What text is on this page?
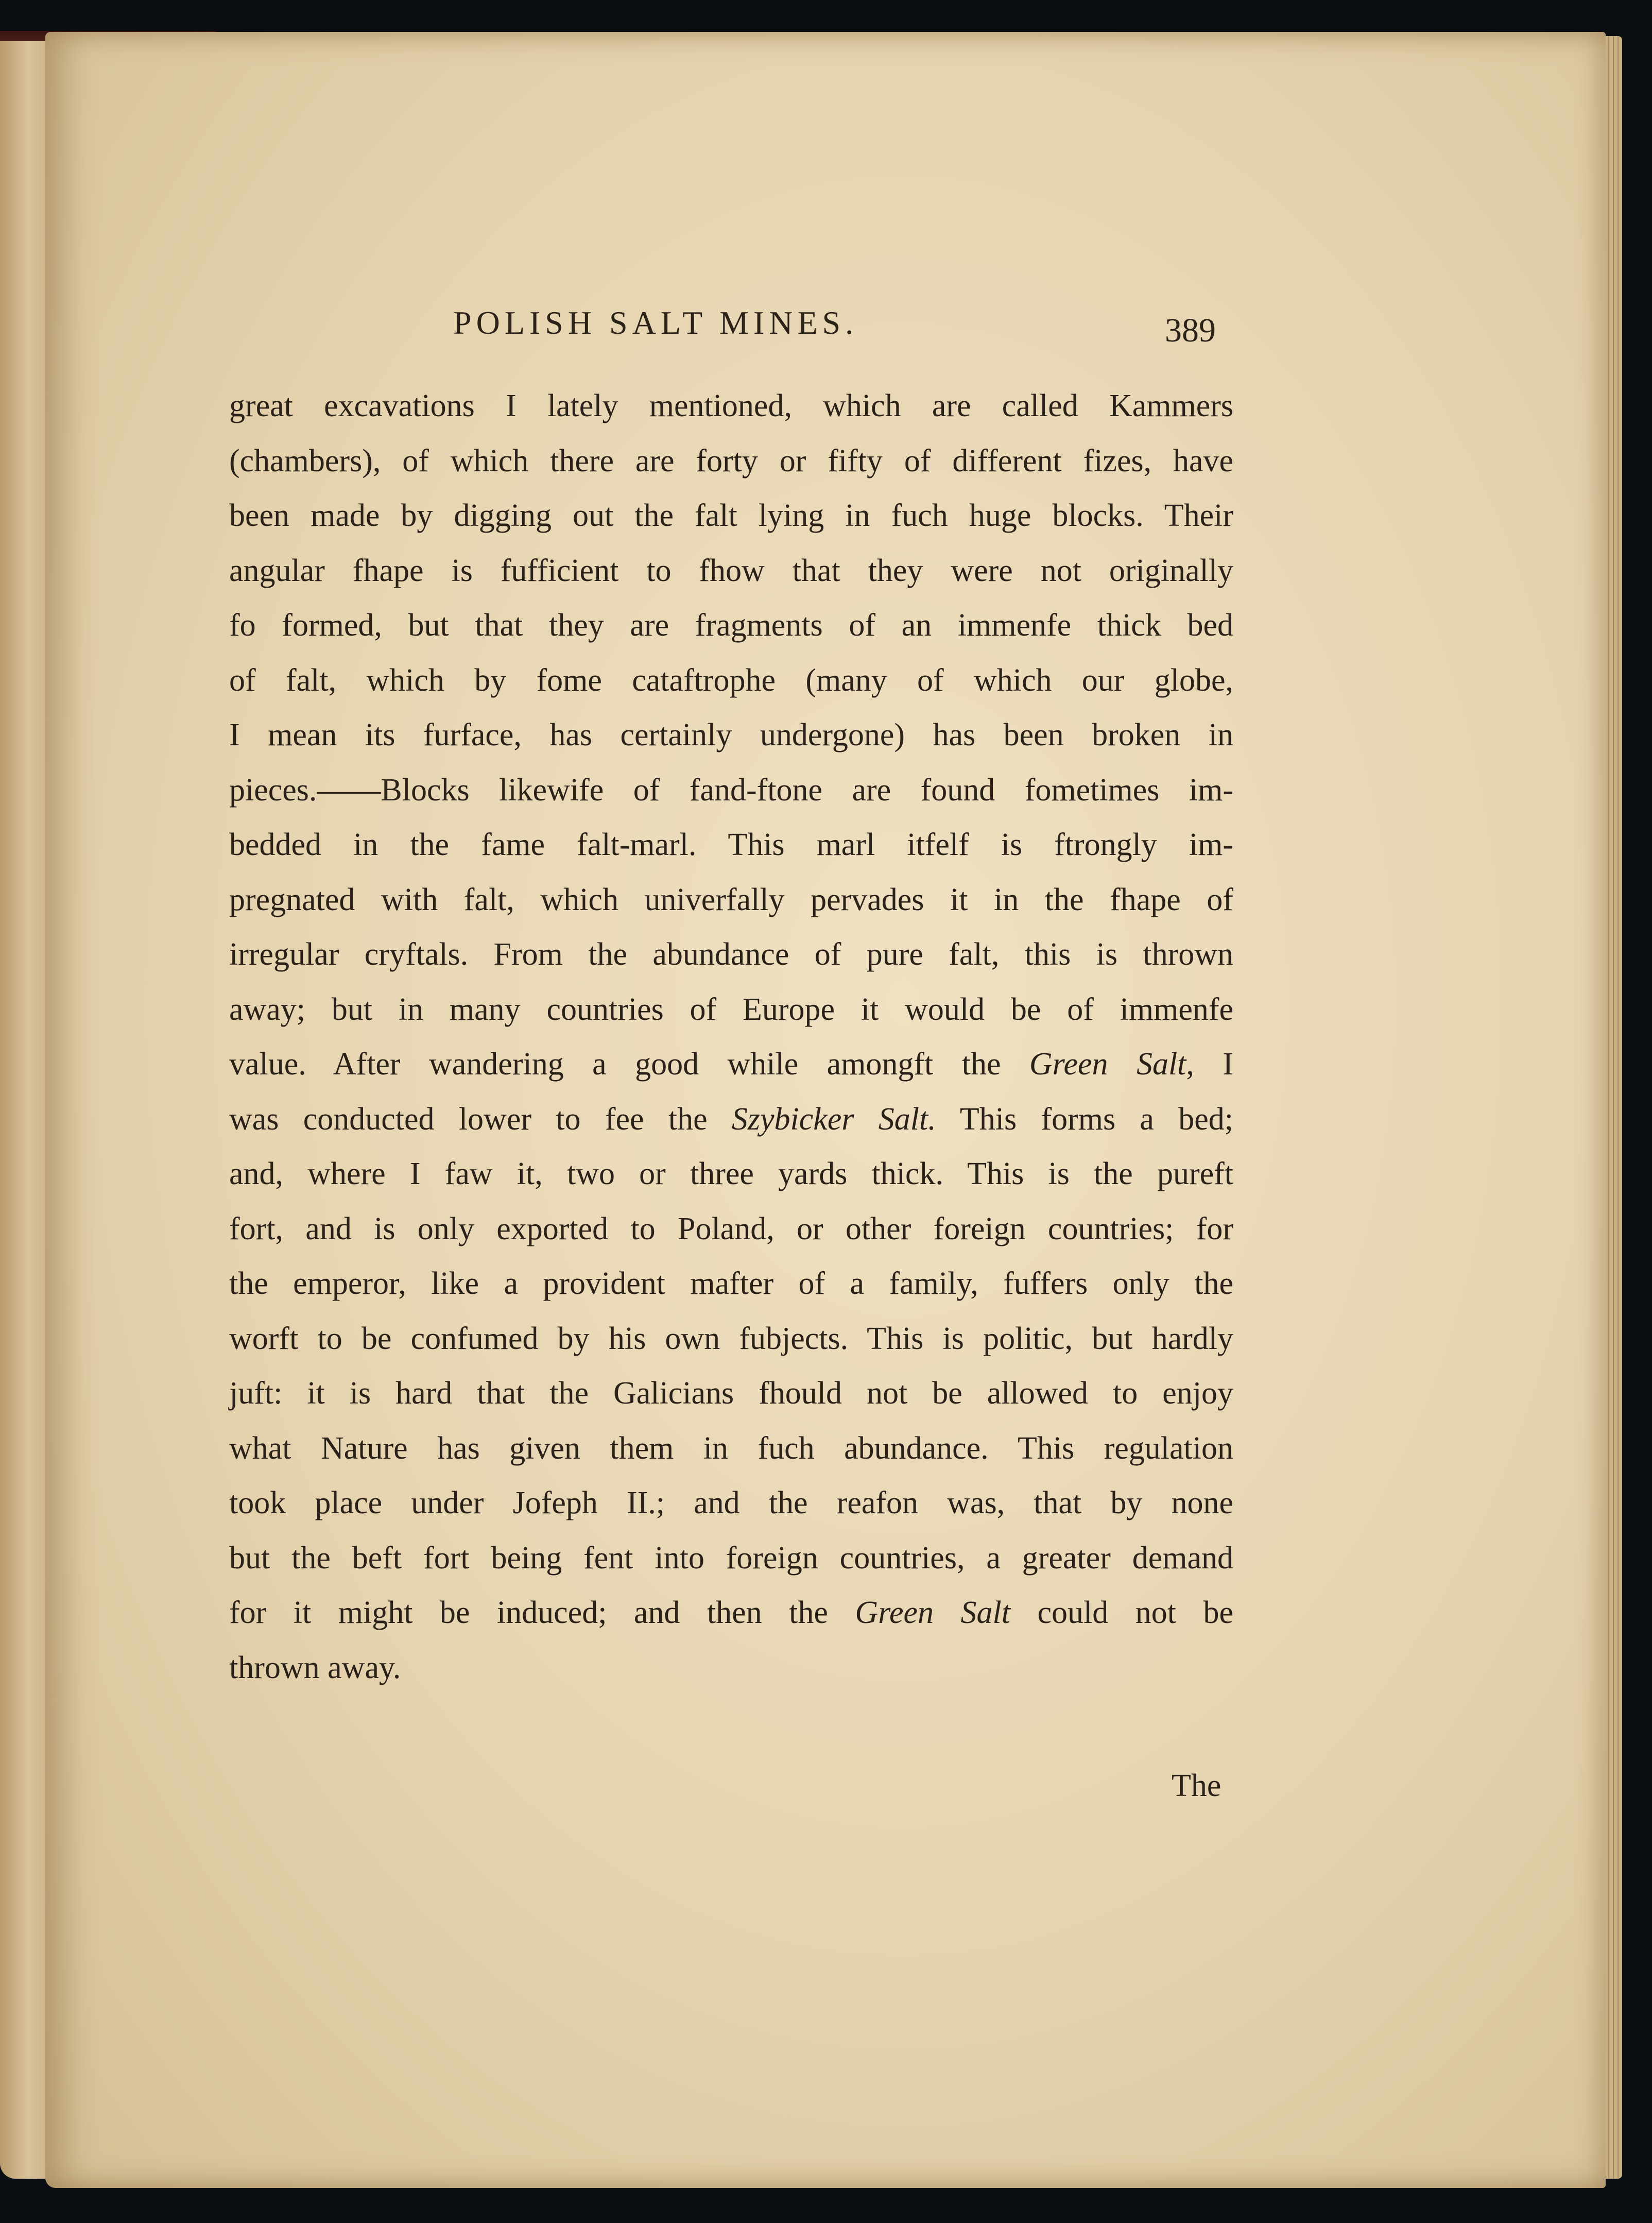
POLISH SALT MINES.	389
great excavations I lately mentioned, which are called Kammers
(chambers), of which there are forty or fifty of different fizes, have
been made by digging out the falt lying in fuch huge blocks. Their
angular fhape is fufficient to fhow that they were not originally
fo formed, but that they are fragments of an immenfe thick bed
of falt, which by fome cataftrophe (many of which our globe,
I mean its furface, has certainly undergone) has been broken in
pieces.——Blocks likewife of fand-ftone are found fometimes im-
bedded in the fame falt-marl. This marl itfelf is ftrongly im-
pregnated with falt, which univerfally pervades it in the fhape of
irregular cryftals. From the abundance of pure falt, this is thrown
away; but in many countries of Europe it would be of immenfe
value. After wandering a good while amongft the Green Salt, I
was conducted lower to fee the Szybicker Salt. This forms a bed;
and, where I faw it, two or three yards thick. This is the pureft
fort, and is only exported to Poland, or other foreign countries; for
the emperor, like a provident mafter of a family, fuffers only the
worft to be confumed by his own fubjects. This is politic, but hardly
juft: it is hard that the Galicians fhould not be allowed to enjoy
what Nature has given them in fuch abundance. This regulation
took place under Jofeph II.; and the reafon was, that by none
but the beft fort being fent into foreign countries, a greater demand
for it might be induced; and then the Green Salt could not be
thrown away.
The
